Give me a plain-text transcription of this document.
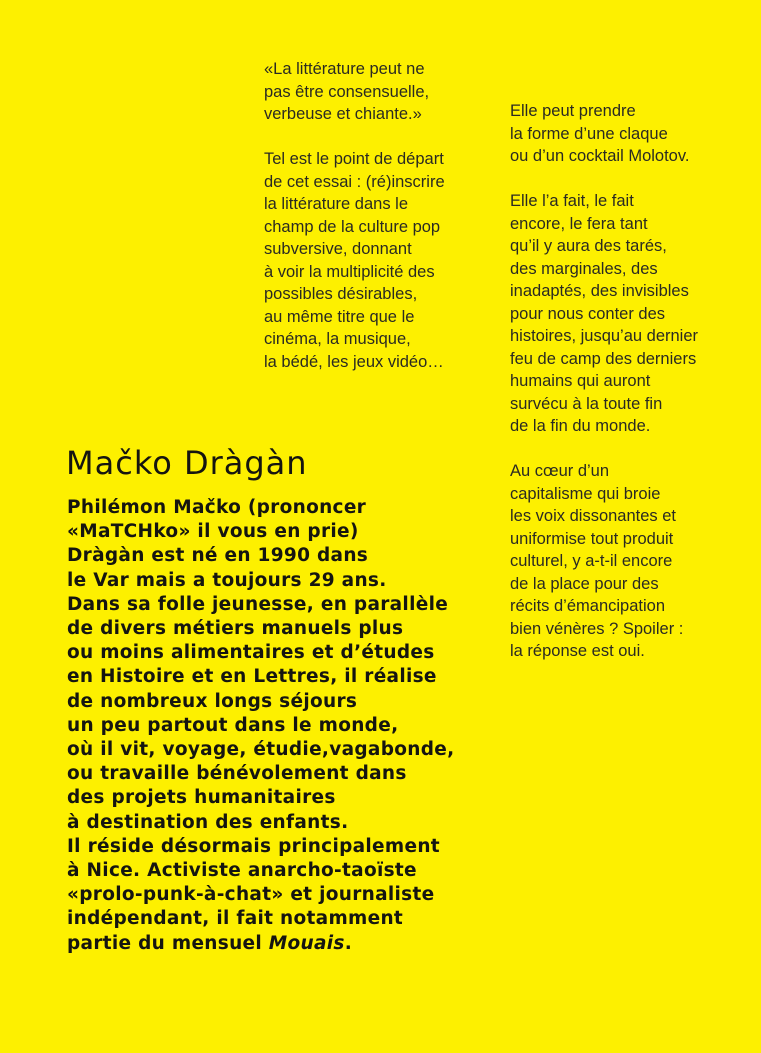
«La littérature peut ne
pas être consensuelle,
verbeuse et chiante.»

Tel est le point de départ
de cet essai : (ré)inscrire
la littérature dans le
champ de la culture pop
subversive, donnant
à voir la multiplicité des
possibles désirables,
au même titre que le
cinéma, la musique,
la bédé, les jeux vidéo…

Elle peut prendre
la forme d’une claque
ou d’un cocktail Molotov.

Elle l’a fait, le fait
encore, le fera tant
qu’il y aura des tarés,
des marginales, des
inadaptés, des invisibles
pour nous conter des
histoires, jusqu’au dernier
feu de camp des derniers
humains qui auront
survécu à la toute fin
de la fin du monde.

Au cœur d’un
capitalisme qui broie
les voix dissonantes et
uniformise tout produit
culturel, y a-t-il encore
de la place pour des
récits d’émancipation
bien vénères ? Spoiler :
la réponse est oui.

Mačko Dràgàn
Philémon Mačko (prononcer
«MaTCHko» il vous en prie)
Dràgàn est né en 1990 dans
le Var mais a toujours 29 ans.
Dans sa folle jeunesse, en parallèle
de divers métiers manuels plus
ou moins alimentaires et d’études
en Histoire et en Lettres, il réalise
de nombreux longs séjours
un peu partout dans le monde,
où il vit, voyage, étudie,vagabonde,
ou travaille bénévolement dans
des projets humanitaires
à destination des enfants.
Il réside désormais principalement
à Nice. Activiste anarcho-taoïste
«prolo-punk-à-chat» et journaliste
indépendant, il fait notamment
partie du mensuel Mouais.
